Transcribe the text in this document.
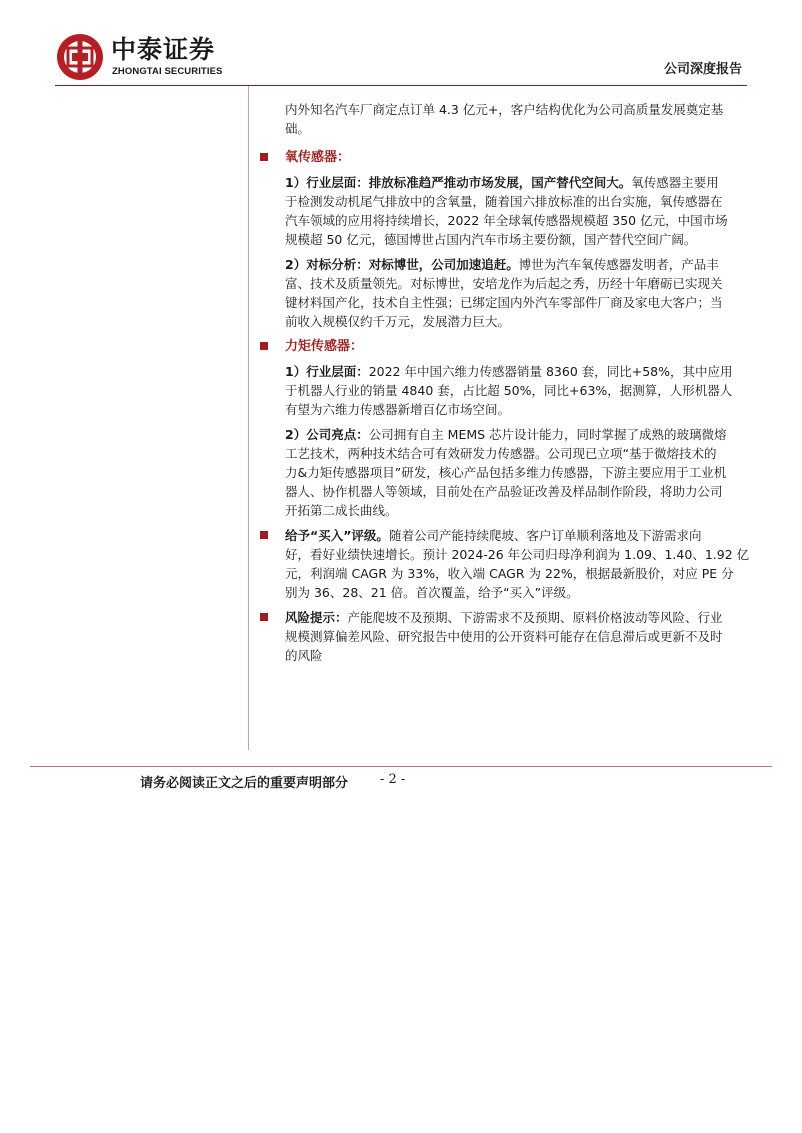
中泰证券
ZHONGTAI SECURITIES	公司深度报告
内外知名汽车厂商定点订单 4.3 亿元+，客户结构优化为公司高质量发展奠定基
础。
氧传感器：
1）行业层面：排放标准趋严推动市场发展，国产替代空间大。氧传感器主要用
于检测发动机尾气排放中的含氧量，随着国六排放标准的出台实施，氧传感器在
汽车领域的应用将持续增长，2022 年全球氧传感器规模超 350 亿元，中国市场
规模超 50 亿元，德国博世占国内汽车市场主要份额，国产替代空间广阔。
2）对标分析：对标博世，公司加速追赶。博世为汽车氧传感器发明者，产品丰
富、技术及质量领先。对标博世，安培龙作为后起之秀，历经十年磨砺已实现关
键材料国产化，技术自主性强；已绑定国内外汽车零部件厂商及家电大客户；当
前收入规模仅约千万元，发展潜力巨大。
力矩传感器：
1）行业层面：2022 年中国六维力传感器销量 8360 套，同比+58%，其中应用
于机器人行业的销量 4840 套，占比超 50%，同比+63%，据测算，人形机器人
有望为六维力传感器新增百亿市场空间。
2）公司亮点：公司拥有自主 MEMS 芯片设计能力，同时掌握了成熟的玻璃微熔
工艺技术，两种技术结合可有效研发力传感器。公司现已立项“基于微熔技术的
力&力矩传感器项目”研发，核心产品包括多维力传感器，下游主要应用于工业机
器人、协作机器人等领域，目前处在产品验证改善及样品制作阶段，将助力公司
开拓第二成长曲线。
给予“买入”评级。随着公司产能持续爬坡、客户订单顺利落地及下游需求向
好，看好业绩快速增长。预计 2024-26 年公司归母净利润为 1.09、1.40、1.92 亿
元，利润端 CAGR 为 33%，收入端 CAGR 为 22%，根据最新股价，对应 PE 分
别为 36、28、21 倍。首次覆盖，给予“买入”评级。
风险提示：产能爬坡不及预期、下游需求不及预期、原料价格波动等风险、行业
规模测算偏差风险、研究报告中使用的公开资料可能存在信息滞后或更新不及时
的风险
请务必阅读正文之后的重要声明部分 - 2 -
